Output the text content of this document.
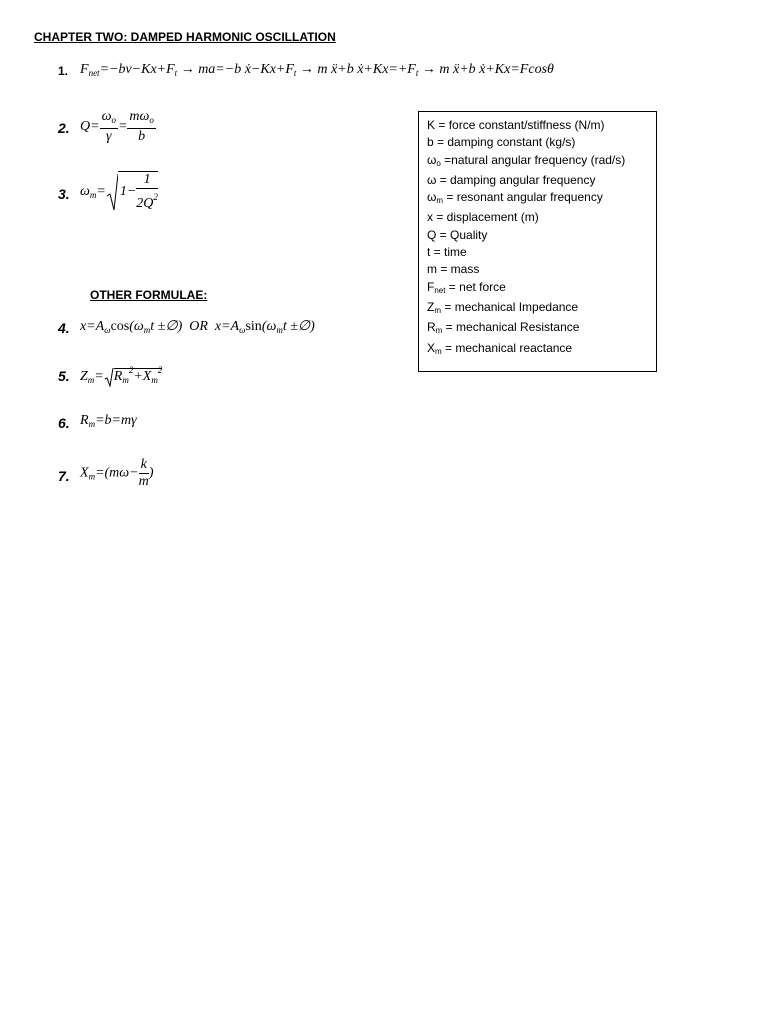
CHAPTER TWO: DAMPED HARMONIC OSCILLATION
1. $F_{net}=-bv-Kx+F_t \to ma=-b$ $ẋ-Kx+F_t \to m$ ẍ+b $ẋ+Kx=+F_t \to m$ ẍ+b ẋ+Kx=Fcosθ
2. $Q= \frac{\omega_o}{\gamma} = \frac{m\omega_o}{b}$
3. $\omega_m= 1- \frac{1}{2Q^2}$
OTHER FORMULAE:
4. $x=A_\omega\cos(\omega_mt$ ±∅)  OR  $x=A_\omega\sin(\omega_mt$ ±∅)
5. $Z_m= R_m^2+X_m^2$
6. $R_m=b=m\gamma$
7. $X_m=(m\omega- \frac{k}{m}$ )
K = force constant/stiffness (N/m)
b = damping constant (kg/s)
ωo =natural angular frequency (rad/s)
ω = damping angular frequency
ωm = resonant angular frequency
x = displacement (m)
Q = Quality
t = time
m = mass
Fnet = net force
Zm = mechanical Impedance
Rm = mechanical Resistance
Xm = mechanical reactance
